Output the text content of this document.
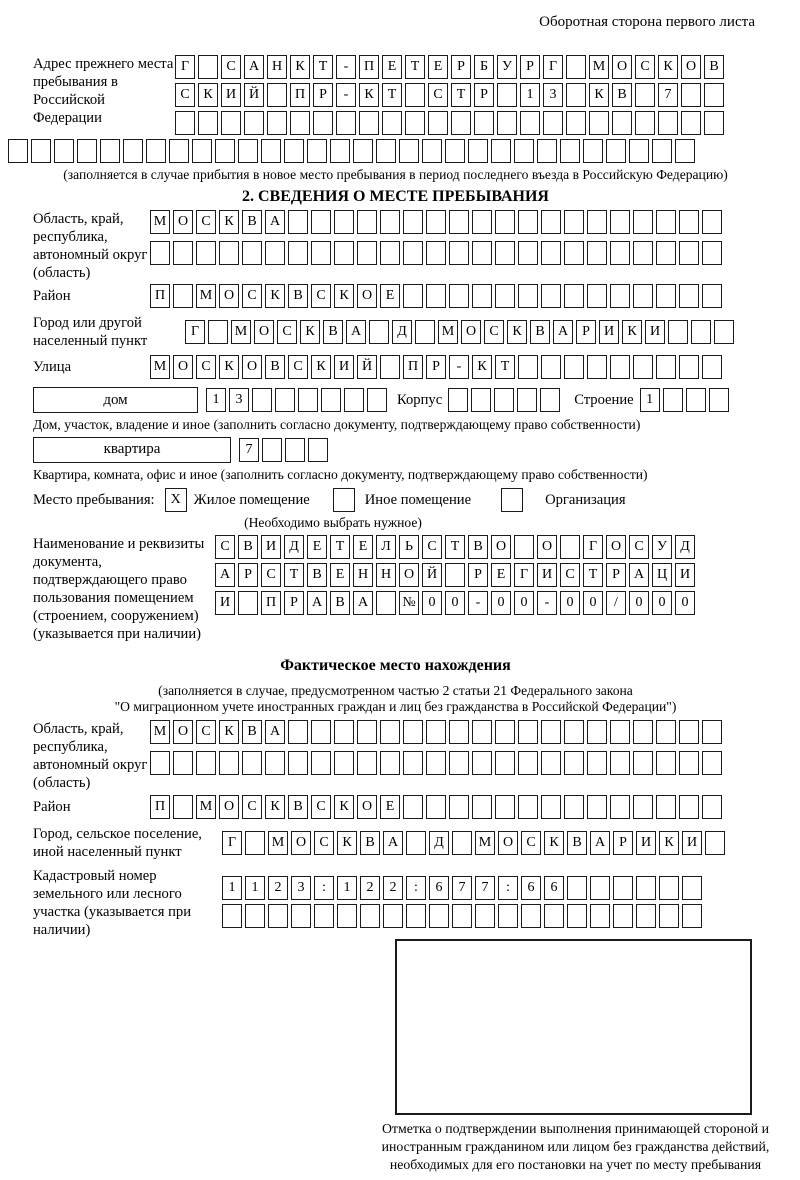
Оборотная сторона первого листа
Адрес прежнего места пребывания в Российской Федерации
Г	С А Н К	Т	-	П Е	Т	Е	Р	Б	У	Р	Г	М О С К О В
С К И Й	П	Р	-	К	Т	С	Т	Р	1	3	К В	7
(заполняется в случае прибытия в новое место пребывания в период последнего въезда в Российскую Федерацию)
2. СВЕДЕНИЯ О МЕСТЕ ПРЕБЫВАНИЯ
Область, край, республика, автономный округ (область)
М О С К В А
Район	П	М О С К В С К О Е
Город или другой населенный пункт
Г	М О С К В А	Д	М О С К В А	Р	И К И
Улица	М О С К О В С К И Й	П	Р	-	К	Т
дом	1	3	Корпус	Строение 1
Дом, участок, владение и иное (заполнить согласно документу, подтверждающему право собственности)
квартира	7
Квартира, комната, офис и иное (заполнить согласно документу, подтверждающему право собственности)
Место пребывания:	X Жилое помещение	Иное помещение	Организация
(Необходимо выбрать нужное)
Наименование и реквизиты документа, подтверждающего право пользования помещением (строением, сооружением) (указывается при наличии)
С В И Д Е	Т	Е Л	Ь	С	Т	В О	О	Г О С У Д
А	Р	С	Т	В	Е Н Н О Й	Р	Е	Г И С	Т	Р	А Ц И
И	П	Р	А В А	№ 0	0	-	0	0	-	0	0	/	0	0	0
Фактическое место нахождения
(заполняется в случае, предусмотренном частью 2 статьи 21 Федерального закона
"О миграционном учете иностранных граждан и лиц без гражданства в Российской Федерации")
Область, край, республика, автономный округ (область)
М О С К В А
Район	П	М О С К В С К О Е
Город, сельское поселение, иной населенный пункт
Г	М О С К В А	Д	М О С К В А	Р	И К И
Кадастровый номер земельного или лесного участка (указывается при наличии)
1	1	2	3	:	1	2	2	:	6	7	7	:	6	6
Отметка о подтверждении выполнения принимающей стороной и иностранным гражданином или лицом без гражданства действий, необходимых для его постановки на учет по месту пребывания
